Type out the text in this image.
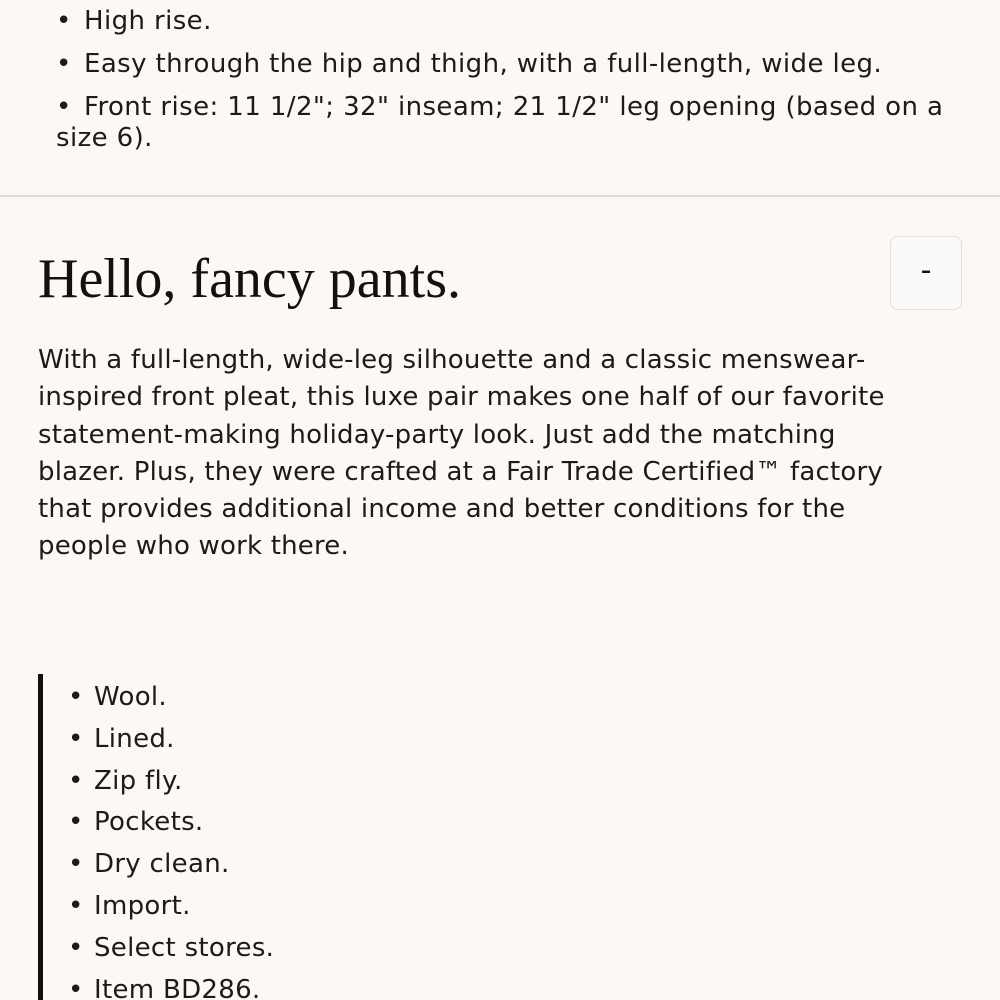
• High rise.
• Easy through the hip and thigh, with a full-length, wide leg.
• Front rise: 11 1/2"; 32" inseam; 21 1/2" leg opening (based on a size 6).
Hello, fancy pants.	-

With a full-length, wide-leg silhouette and a classic menswear-inspired front pleat, this luxe pair makes one half of our favorite statement-making holiday-party look. Just add the matching blazer. Plus, they were crafted at a Fair Trade Certified™ factory that provides additional income and better conditions for the people who work there.

• Wool.
• Lined.
• Zip fly.
• Pockets.
• Dry clean.
• Import.
• Select stores.
• Item BD286.
